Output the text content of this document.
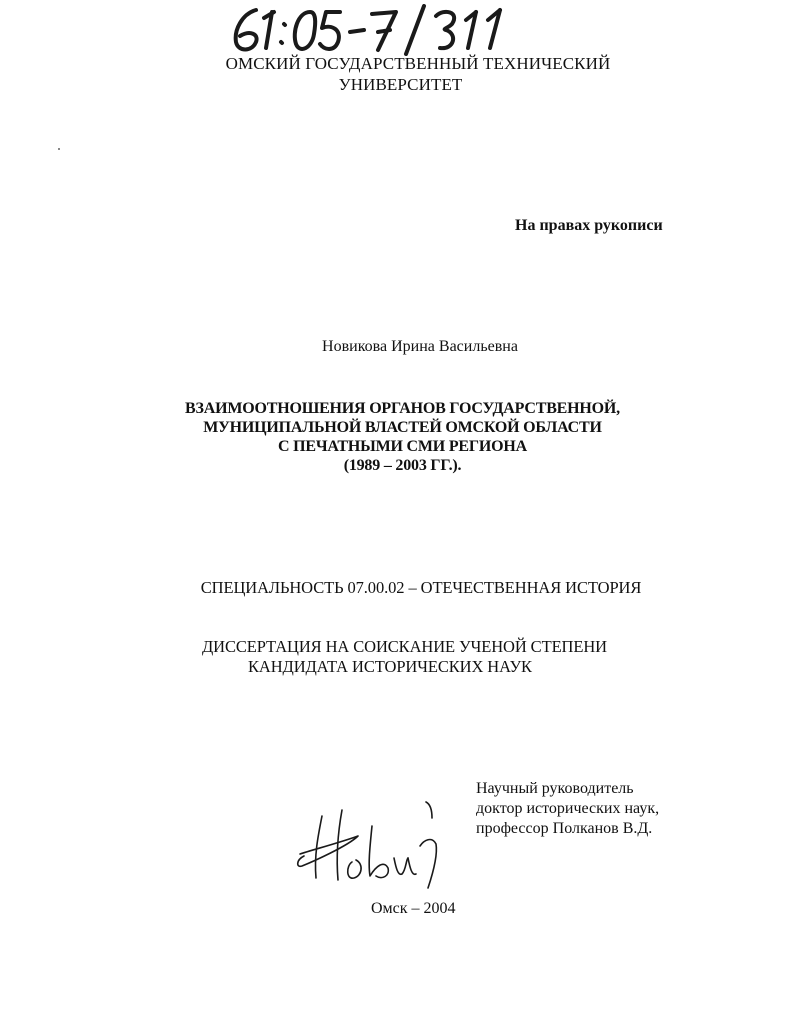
ОМСКИЙ ГОСУДАРСТВЕННЫЙ ТЕХНИЧЕСКИЙ
УНИВЕРСИТЕТ
На правах рукописи
Новикова Ирина Васильевна
ВЗАИМООТНОШЕНИЯ ОРГАНОВ ГОСУДАРСТВЕННОЙ,
МУНИЦИПАЛЬНОЙ ВЛАСТЕЙ ОМСКОЙ ОБЛАСТИ
С ПЕЧАТНЫМИ СМИ РЕГИОНА
(1989 – 2003 ГГ.).
СПЕЦИАЛЬНОСТЬ 07.00.02 – ОТЕЧЕСТВЕННАЯ ИСТОРИЯ
ДИССЕРТАЦИЯ НА СОИСКАНИЕ УЧЕНОЙ СТЕПЕНИ
КАНДИДАТА ИСТОРИЧЕСКИХ НАУК
Научный руководитель
доктор исторических наук,
профессор Полканов В.Д.
Омск – 2004
